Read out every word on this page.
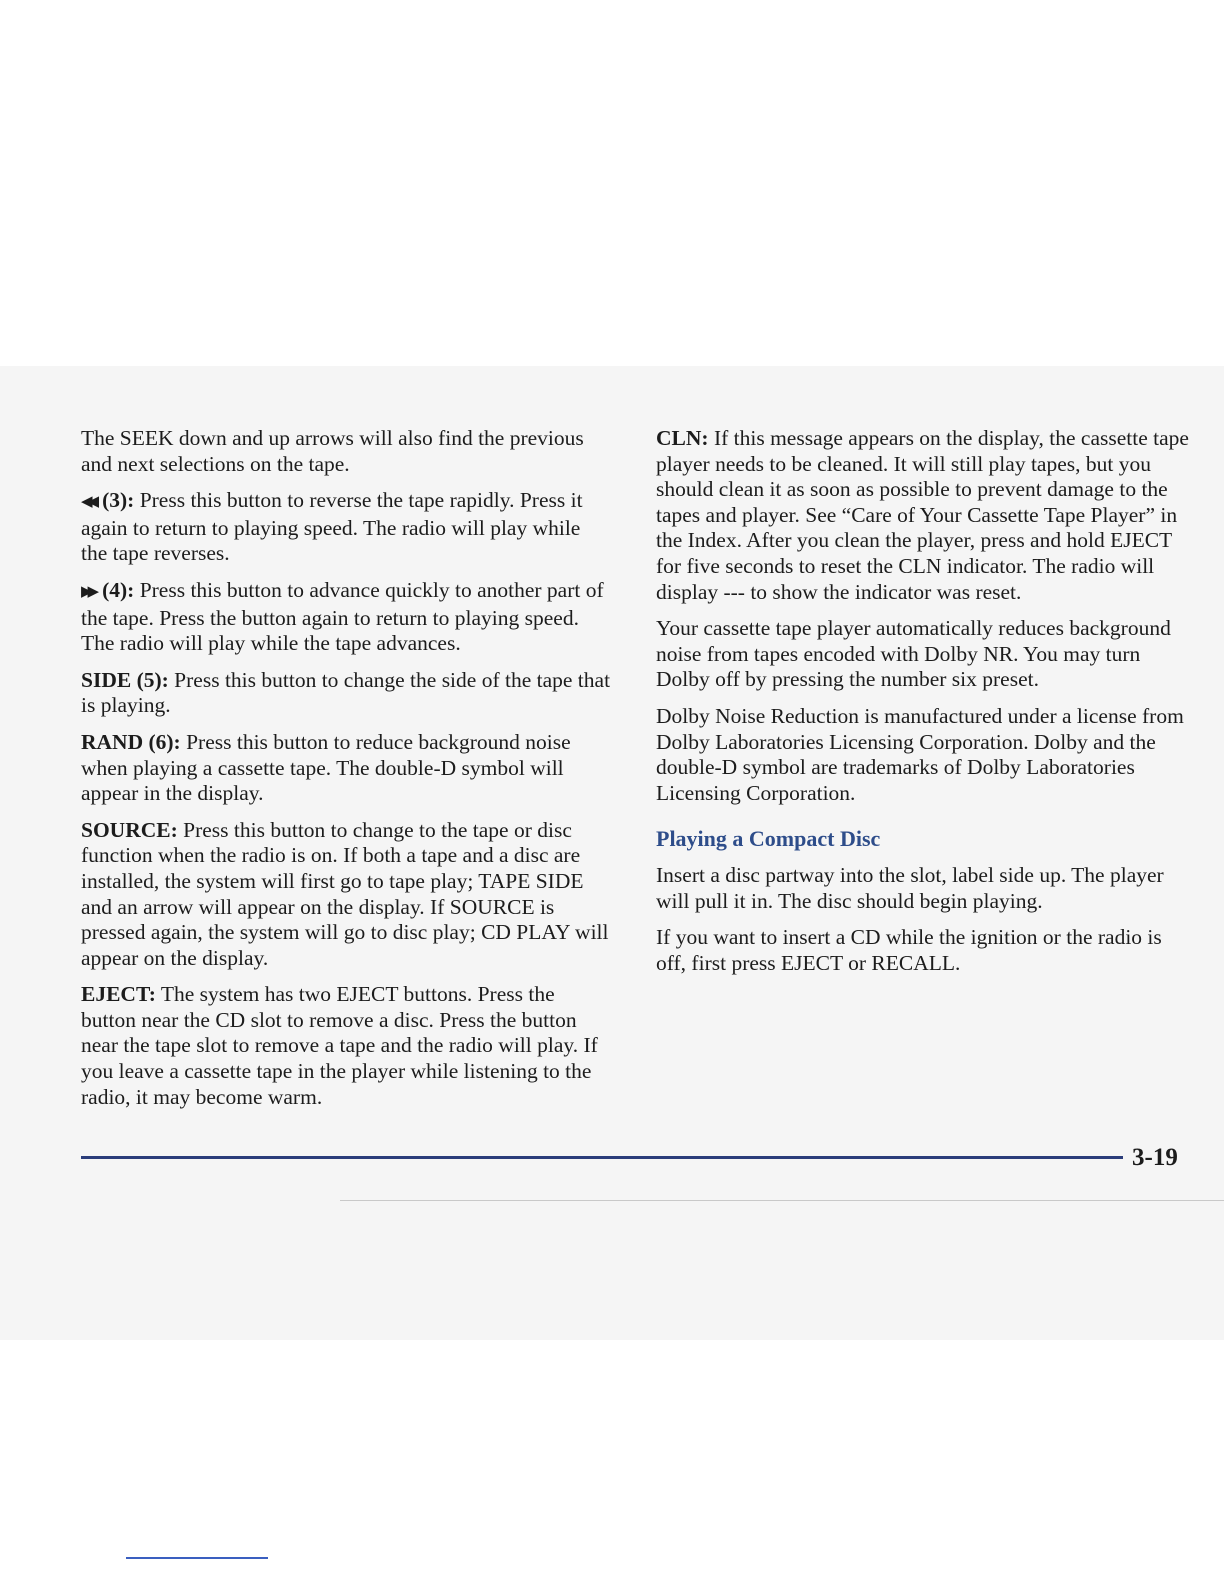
The SEEK down and up arrows will also find the previous and next selections on the tape.

◀◀ (3): Press this button to reverse the tape rapidly. Press it again to return to playing speed. The radio will play while the tape reverses.

▶▶ (4): Press this button to advance quickly to another part of the tape. Press the button again to return to playing speed. The radio will play while the tape advances.

SIDE (5): Press this button to change the side of the tape that is playing.

RAND (6): Press this button to reduce background noise when playing a cassette tape. The double-D symbol will appear in the display.

SOURCE: Press this button to change to the tape or disc function when the radio is on. If both a tape and a disc are installed, the system will first go to tape play; TAPE SIDE and an arrow will appear on the display. If SOURCE is pressed again, the system will go to disc play; CD PLAY will appear on the display.

EJECT: The system has two EJECT buttons. Press the button near the CD slot to remove a disc. Press the button near the tape slot to remove a tape and the radio will play. If you leave a cassette tape in the player while listening to the radio, it may become warm.

CLN: If this message appears on the display, the cassette tape player needs to be cleaned. It will still play tapes, but you should clean it as soon as possible to prevent damage to the tapes and player. See “Care of Your Cassette Tape Player” in the Index. After you clean the player, press and hold EJECT for five seconds to reset the CLN indicator. The radio will display --- to show the indicator was reset.

Your cassette tape player automatically reduces background noise from tapes encoded with Dolby NR. You may turn Dolby off by pressing the number six preset.

Dolby Noise Reduction is manufactured under a license from Dolby Laboratories Licensing Corporation. Dolby and the double-D symbol are trademarks of Dolby Laboratories Licensing Corporation.

Playing a Compact Disc

Insert a disc partway into the slot, label side up. The player will pull it in. The disc should begin playing.

If you want to insert a CD while the ignition or the radio is off, first press EJECT or RECALL.

3-19
